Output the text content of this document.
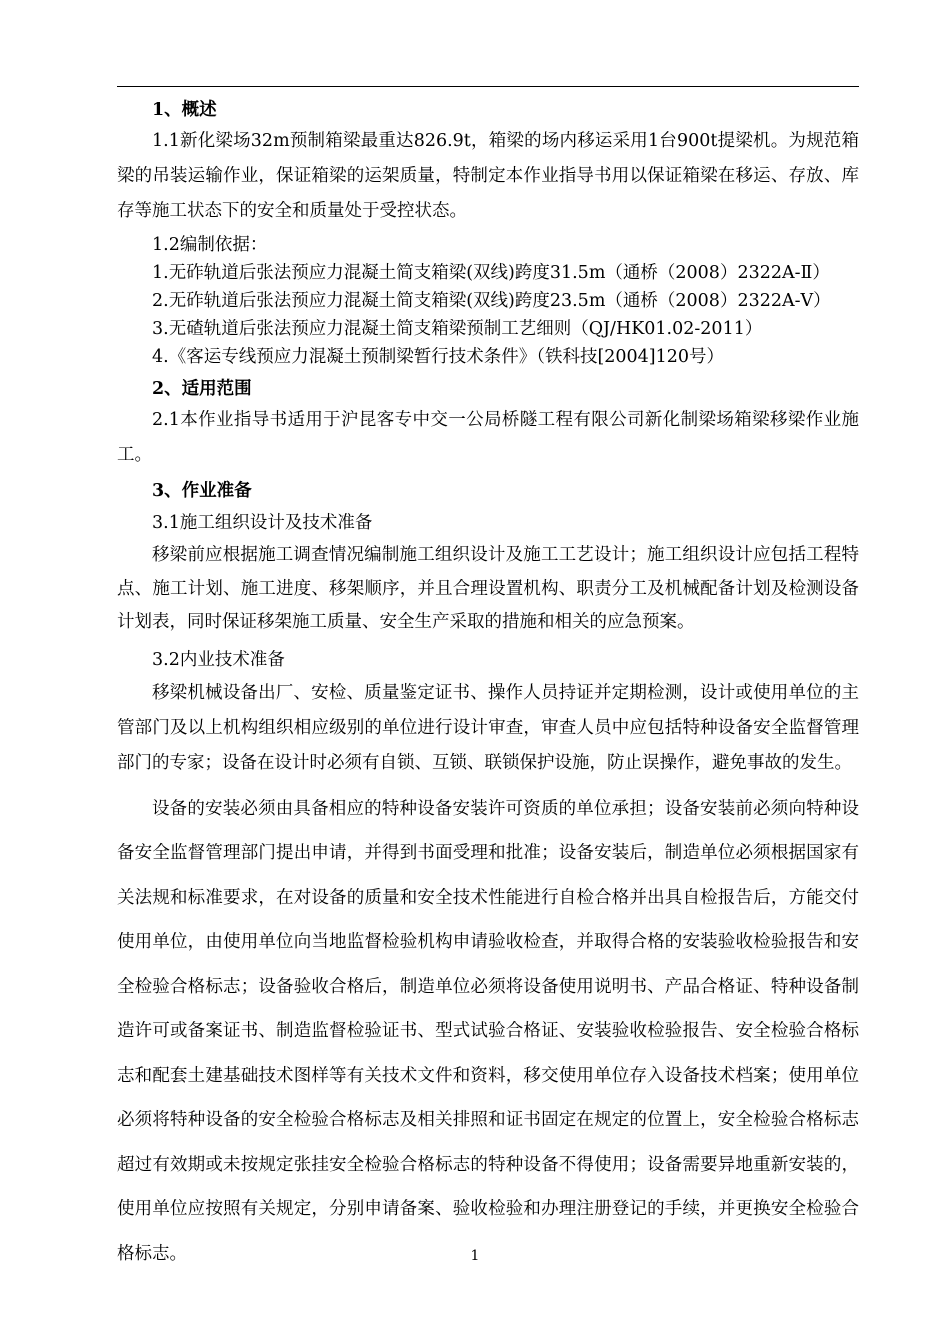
1、概述
1.1新化梁场32m预制箱梁最重达826.9t，箱梁的场内移运采用1台900t提梁机。为规范箱梁的吊装运输作业，保证箱梁的运架质量，特制定本作业指导书用以保证箱梁在移运、存放、库存等施工状态下的安全和质量处于受控状态。
1.2编制依据：
1.无砟轨道后张法预应力混凝土简支箱梁(双线)跨度31.5m（通桥（2008）2322A-Ⅱ）
2.无砟轨道后张法预应力混凝土简支箱梁(双线)跨度23.5m（通桥（2008）2322A-Ⅴ）
3.无碴轨道后张法预应力混凝土简支箱梁预制工艺细则（QJ/HK01.02-2011）
4.《客运专线预应力混凝土预制梁暂行技术条件》（铁科技[2004]120号）
2、适用范围
2.1本作业指导书适用于沪昆客专中交一公局桥隧工程有限公司新化制梁场箱梁移梁作业施工。
3、作业准备
3.1施工组织设计及技术准备
移梁前应根据施工调查情况编制施工组织设计及施工工艺设计；施工组织设计应包括工程特点、施工计划、施工进度、移架顺序，并且合理设置机构、职责分工及机械配备计划及检测设备计划表，同时保证移架施工质量、安全生产采取的措施和相关的应急预案。
3.2内业技术准备
移梁机械设备出厂、安检、质量鉴定证书、操作人员持证并定期检测，设计或使用单位的主管部门及以上机构组织相应级别的单位进行设计审查，审查人员中应包括特种设备安全监督管理部门的专家；设备在设计时必须有自锁、互锁、联锁保护设施，防止误操作，避免事故的发生。
设备的安装必须由具备相应的特种设备安装许可资质的单位承担；设备安装前必须向特种设备安全监督管理部门提出申请，并得到书面受理和批准；设备安装后，制造单位必须根据国家有关法规和标准要求，在对设备的质量和安全技术性能进行自检合格并出具自检报告后，方能交付使用单位，由使用单位向当地监督检验机构申请验收检查，并取得合格的安装验收检验报告和安全检验合格标志；设备验收合格后，制造单位必须将设备使用说明书、产品合格证、特种设备制造许可或备案证书、制造监督检验证书、型式试验合格证、安装验收检验报告、安全检验合格标志和配套土建基础技术图样等有关技术文件和资料，移交使用单位存入设备技术档案；使用单位必须将特种设备的安全检验合格标志及相关排照和证书固定在规定的位置上，安全检验合格标志超过有效期或未按规定张挂安全检验合格标志的特种设备不得使用；设备需要异地重新安装的，使用单位应按照有关规定，分别申请备案、验收检验和办理注册登记的手续，并更换安全检验合格标志。	1
